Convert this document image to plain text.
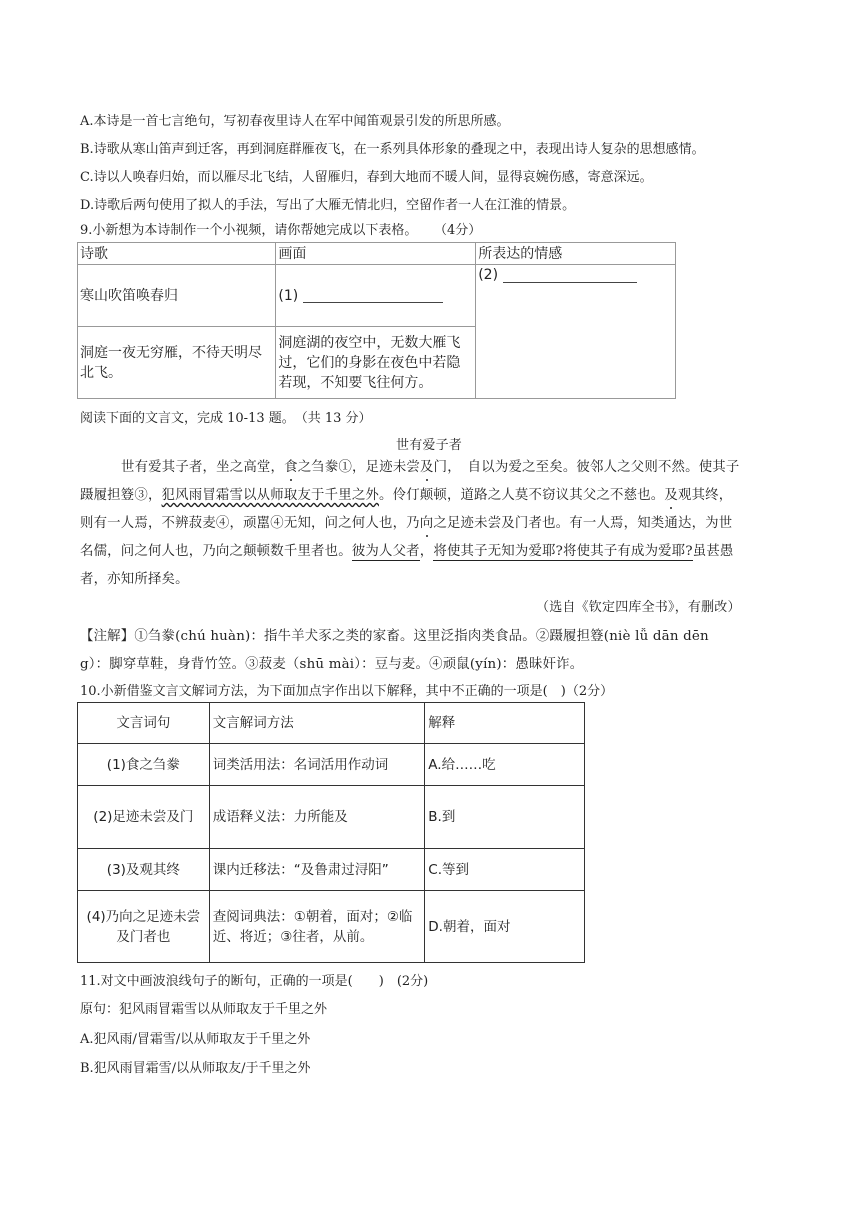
A.本诗是一首七言绝句，写初春夜里诗人在军中闻笛观景引发的所思所感。
B.诗歌从寒山笛声到迁客，再到洞庭群雁夜飞，在一系列具体形象的叠现之中，表现出诗人复杂的思想感情。
C.诗以人唤春归始，而以雁尽北飞结，人留雁归，春到大地而不暖人间，显得哀婉伤感，寄意深远。
D.诗歌后两句使用了拟人的手法，写出了大雁无情北归，空留作者一人在江淮的情景。
9.小新想为本诗制作一个小视频，请你帮她完成以下表格。 （4分）
诗歌	画面	所表达的情感
寒山吹笛唤春归	(1)	(2)
洞庭一夜无穷雁，不待天明尽北飞。	洞庭湖的夜空中，无数大雁飞过，它们的身影在夜色中若隐若现，不知要飞往何方。	
阅读下面的文言文，完成 10-13 题。　（共 13 分）
世有爱子者
世有爱其子者，坐之高堂，食之刍豢①，足迹未尝及门，　自以为爱之至矣。彼邻人之父则不然。使其子
蹑履担簦③，犯风雨冒霜雪以从师取友于千里之外。伶仃颠顿，道路之人莫不窃议其父之不慈也。及观其终，
则有一人焉，不辨菽麦④，顽嚚④无知，问之何人也，乃向之足迹未尝及门者也。有一人焉，知类通达，为世
名儒，问之何人也，乃向之颠顿数千里者也。彼为人父者，将使其子无知为爱耶?将使其子有成为爱耶?虽甚愚
者，亦知所择矣。
（选自《钦定四库全书》，有删改）
【注解】①刍豢(chú huàn)：指牛羊犬豕之类的家畜。这里泛指肉类食品。②蹑履担簦(niè lǚ dān dēn
g）：脚穿草鞋，身背竹笠。③菽麦（shū mài）：豆与麦。④顽鼠(yín)：愚昧奸诈。
10.小新借鉴文言文解词方法，为下面加点字作出以下解释，其中不正确的一项是(　)（2分）
文言词句	文言解词方法	解释
(1)食之刍豢	词类活用法：名词活用作动词	A.给……吃
(2)足迹未尝及门	成语释义法：力所能及	B.到
(3)及观其终	课内迁移法：“及鲁肃过浔阳”	C.等到
(4)乃向之足迹未尝及门者也	查阅词典法：①朝着，面对；②临近、将近；③往者，从前。	D.朝着，面对
11.对文中画波浪线句子的断句，正确的一项是(　　)　(2分)
原句：犯风雨冒霜雪以从师取友于千里之外
A.犯风雨/冒霜雪/以从师取友于千里之外
B.犯风雨冒霜雪/以从师取友/于千里之外
